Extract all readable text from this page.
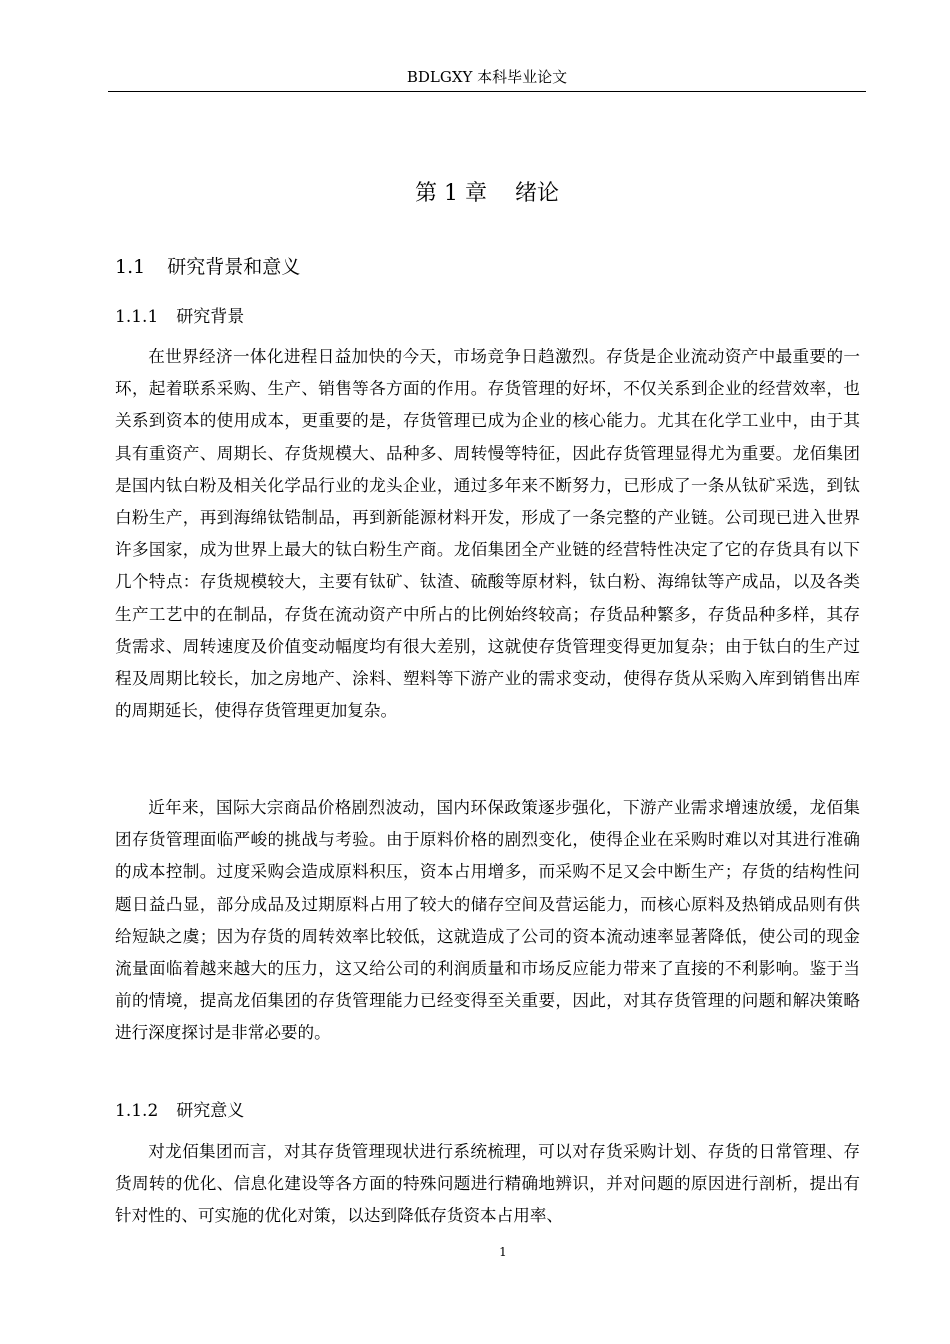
BDLGXY 本科毕业论文
第 1 章 绪论
1.1 研究背景和意义
1.1.1 研究背景

在世界经济一体化进程日益加快的今天，市场竞争日趋激烈。存货是企业流动资产中最重要的一环，起着联系采购、生产、销售等各方面的作用。存货管理的好坏，不仅关系到企业的经营效率，也关系到资本的使用成本，更重要的是，存货管理已成为企业的核心能力。尤其在化学工业中，由于其具有重资产、周期长、存货规模大、品种多、周转慢等特征，因此存货管理显得尤为重要。龙佰集团是国内钛白粉及相关化学品行业的龙头企业，通过多年来不断努力，已形成了一条从钛矿采选，到钛白粉生产，再到海绵钛锆制品，再到新能源材料开发，形成了一条完整的产业链。公司现已进入世界许多国家，成为世界上最大的钛白粉生产商。龙佰集团全产业链的经营特性决定了它的存货具有以下几个特点：存货规模较大，主要有钛矿、钛渣、硫酸等原材料，钛白粉、海绵钛等产成品，以及各类生产工艺中的在制品，存货在流动资产中所占的比例始终较高；存货品种繁多，存货品种多样，其存货需求、周转速度及价值变动幅度均有很大差别，这就使存货管理变得更加复杂；由于钛白的生产过程及周期比较长，加之房地产、涂料、塑料等下游产业的需求变动，使得存货从采购入库到销售出库的周期延长，使得存货管理更加复杂。

近年来，国际大宗商品价格剧烈波动，国内环保政策逐步强化，下游产业需求增速放缓，龙佰集团存货管理面临严峻的挑战与考验。由于原料价格的剧烈变化，使得企业在采购时难以对其进行准确的成本控制。过度采购会造成原料积压，资本占用增多，而采购不足又会中断生产；存货的结构性问题日益凸显，部分成品及过期原料占用了较大的储存空间及营运能力，而核心原料及热销成品则有供给短缺之虞；因为存货的周转效率比较低，这就造成了公司的资本流动速率显著降低，使公司的现金流量面临着越来越大的压力，这又给公司的利润质量和市场反应能力带来了直接的不利影响。鉴于当前的情境，提高龙佰集团的存货管理能力已经变得至关重要，因此，对其存货管理的问题和解决策略进行深度探讨是非常必要的。

1.1.2 研究意义

对龙佰集团而言，对其存货管理现状进行系统梳理，可以对存货采购计划、存货的日常管理、存货周转的优化、信息化建设等各方面的特殊问题进行精确地辨识，并对问题的原因进行剖析，提出有针对性的、可实施的优化对策，以达到降低存货资本占用率、

1
